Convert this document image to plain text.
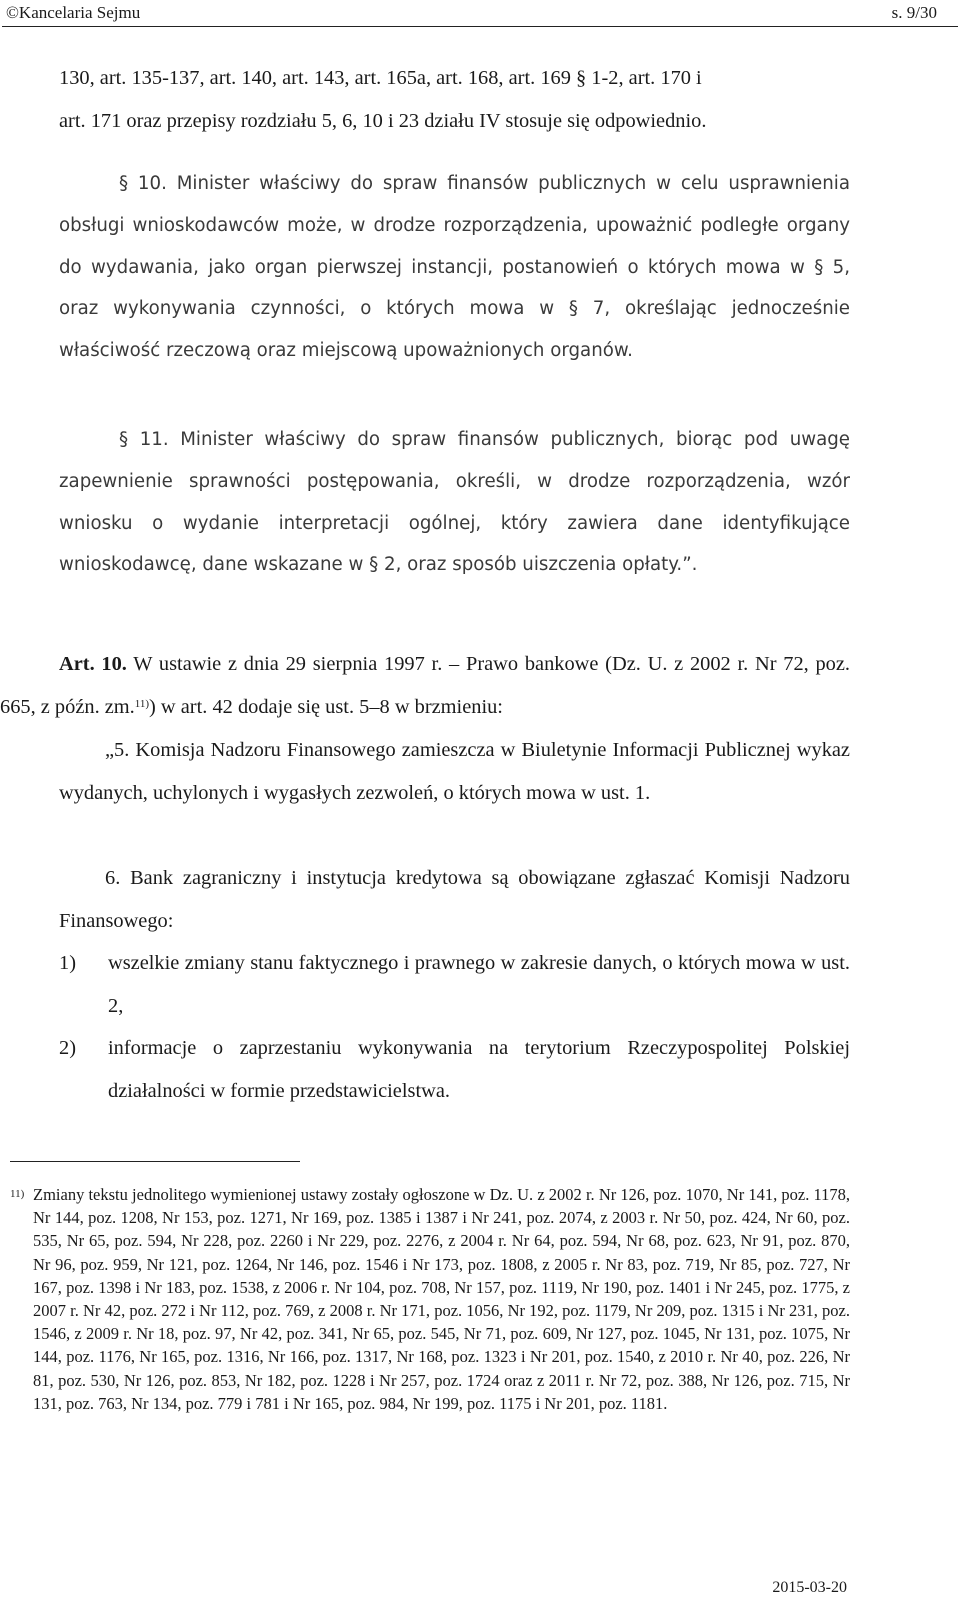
©Kancelaria Sejmu	s. 9/30

130, art. 135-137, art. 140, art. 143, art. 165a, art. 168, art. 169 § 1-2, art. 170 i

art. 171 oraz przepisy rozdziału 5, 6, 10 i 23 działu IV stosuje się odpowiednio.

§ 10. Minister właściwy do spraw finansów publicznych w celu usprawnienia obsługi wnioskodawców może, w drodze rozporządzenia, upoważnić podległe organy do wydawania, jako organ pierwszej instancji, postanowień o których mowa w § 5, oraz wykonywania czynności, o których mowa w § 7, określając jednocześnie właściwość rzeczową oraz miejscową upoważnionych organów.

§ 11. Minister właściwy do spraw finansów publicznych, biorąc pod uwagę zapewnienie sprawności postępowania, określi, w drodze rozporządzenia, wzór wniosku o wydanie interpretacji ogólnej, który zawiera dane identyfikujące wnioskodawcę, dane wskazane w § 2, oraz sposób uiszczenia opłaty.”.

Art. 10. W ustawie z dnia 29 sierpnia 1997 r. – Prawo bankowe (Dz. U. z 2002 r. Nr 72, poz. 665, z późn. zm.$^{11)}$) w art. 42 dodaje się ust. 5–8 w brzmieniu:

„5. Komisja Nadzoru Finansowego zamieszcza w Biuletynie Informacji Publicznej wykaz wydanych, uchylonych i wygasłych zezwoleń, o których mowa w ust. 1.

6. Bank zagraniczny i instytucja kredytowa są obowiązane zgłaszać Komisji Nadzoru Finansowego:

1) wszelkie zmiany stanu faktycznego i prawnego w zakresie danych, o których mowa w ust. 2,
2) informacje o zaprzestaniu wykonywania na terytorium Rzeczypospolitej Polskiej działalności w formie przedstawicielstwa.
11) Zmiany tekstu jednolitego wymienionej ustawy zostały ogłoszone w Dz. U. z 2002 r. Nr 126, poz. 1070, Nr 141, poz. 1178, Nr 144, poz. 1208, Nr 153, poz. 1271, Nr 169, poz. 1385 i 1387 i Nr 241, poz. 2074, z 2003 r. Nr 50, poz. 424, Nr 60, poz. 535, Nr 65, poz. 594, Nr 228, poz. 2260 i Nr 229, poz. 2276, z 2004 r. Nr 64, poz. 594, Nr 68, poz. 623, Nr 91, poz. 870, Nr 96, poz. 959, Nr 121, poz. 1264, Nr 146, poz. 1546 i Nr 173, poz. 1808, z 2005 r. Nr 83, poz. 719, Nr 85, poz. 727, Nr 167, poz. 1398 i Nr 183, poz. 1538, z 2006 r. Nr 104, poz. 708, Nr 157, poz. 1119, Nr 190, poz. 1401 i Nr 245, poz. 1775, z 2007 r. Nr 42, poz. 272 i Nr 112, poz. 769, z 2008 r. Nr 171, poz. 1056, Nr 192, poz. 1179, Nr 209, poz. 1315 i Nr 231, poz. 1546, z 2009 r. Nr 18, poz. 97, Nr 42, poz. 341, Nr 65, poz. 545, Nr 71, poz. 609, Nr 127, poz. 1045, Nr 131, poz. 1075, Nr 144, poz. 1176, Nr 165, poz. 1316, Nr 166, poz. 1317, Nr 168, poz. 1323 i Nr 201, poz. 1540, z 2010 r. Nr 40, poz. 226, Nr 81, poz. 530, Nr 126, poz. 853, Nr 182, poz. 1228 i Nr 257, poz. 1724 oraz z 2011 r. Nr 72, poz. 388, Nr 126, poz. 715, Nr 131, poz. 763, Nr 134, poz. 779 i 781 i Nr 165, poz. 984, Nr 199, poz. 1175 i Nr 201, poz. 1181.

2015-03-20
